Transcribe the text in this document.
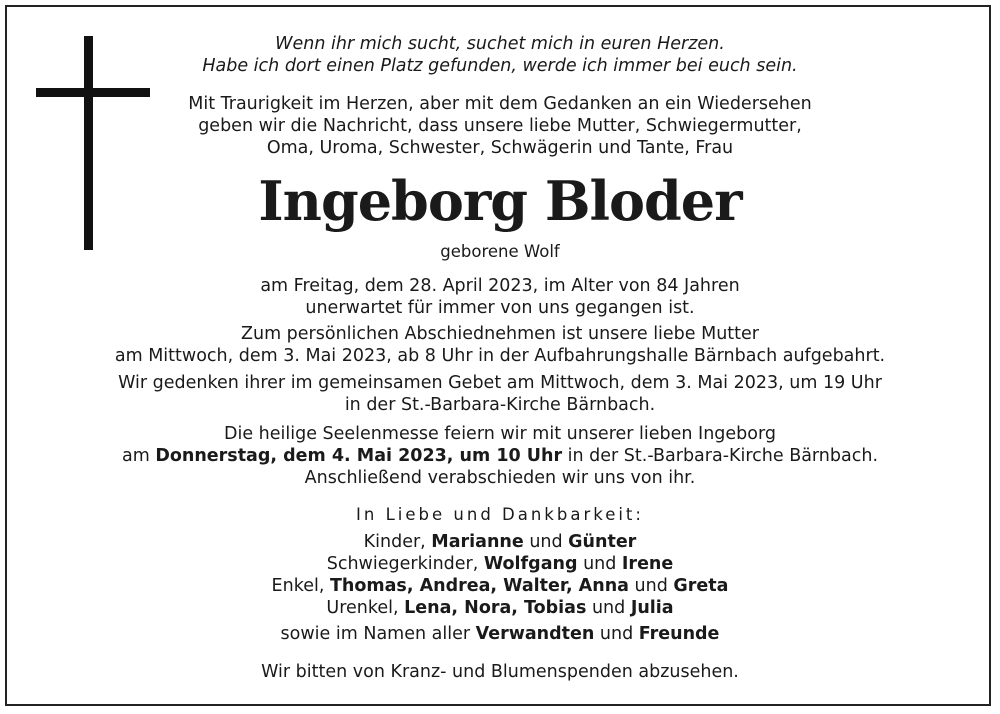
Wenn ihr mich sucht, suchet mich in euren Herzen.
Habe ich dort einen Platz gefunden, werde ich immer bei euch sein.
Mit Traurigkeit im Herzen, aber mit dem Gedanken an ein Wiedersehen
geben wir die Nachricht, dass unsere liebe Mutter, Schwiegermutter,
Oma, Uroma, Schwester, Schwägerin und Tante, Frau
Ingeborg Bloder
geborene Wolf
am Freitag, dem 28. April 2023, im Alter von 84 Jahren
unerwartet für immer von uns gegangen ist.
Zum persönlichen Abschiednehmen ist unsere liebe Mutter
am Mittwoch, dem 3. Mai 2023, ab 8 Uhr in der Aufbahrungshalle Bärnbach aufgebahrt.
Wir gedenken ihrer im gemeinsamen Gebet am Mittwoch, dem 3. Mai 2023, um 19 Uhr
in der St.-Barbara-Kirche Bärnbach.
Die heilige Seelenmesse feiern wir mit unserer lieben Ingeborg
am Donnerstag, dem 4. Mai 2023, um 10 Uhr in der St.-Barbara-Kirche Bärnbach.
Anschließend verabschieden wir uns von ihr.
In Liebe und Dankbarkeit:
Kinder, Marianne und Günter
Schwiegerkinder, Wolfgang und Irene
Enkel, Thomas, Andrea, Walter, Anna und Greta
Urenkel, Lena, Nora, Tobias und Julia
sowie im Namen aller Verwandten und Freunde
Wir bitten von Kranz- und Blumenspenden abzusehen.
